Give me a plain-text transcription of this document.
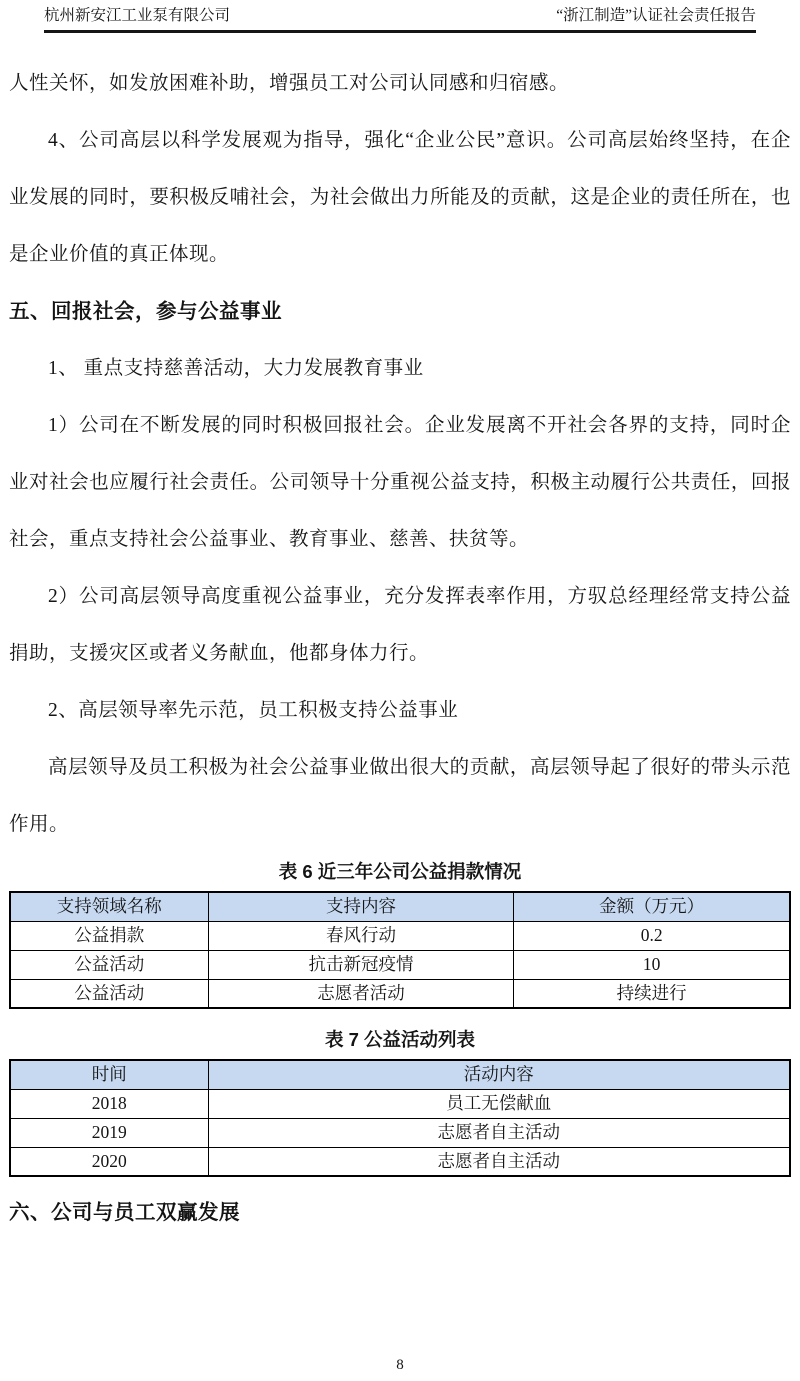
杭州新安江工业泵有限公司	“浙江制造”认证社会责任报告

人性关怀，如发放困难补助，增强员工对公司认同感和归宿感。

4、公司高层以科学发展观为指导，强化“企业公民”意识。公司高层始终坚持，在企业发展的同时，要积极反哺社会，为社会做出力所能及的贡献，这是企业的责任所在，也是企业价值的真正体现。

五、回报社会，参与公益事业

1、 重点支持慈善活动，大力发展教育事业

1）公司在不断发展的同时积极回报社会。企业发展离不开社会各界的支持，同时企业对社会也应履行社会责任。公司领导十分重视公益支持，积极主动履行公共责任，回报社会，重点支持社会公益事业、教育事业、慈善、扶贫等。

2）公司高层领导高度重视公益事业，充分发挥表率作用，方驭总经理经常支持公益捐助，支援灾区或者义务献血，他都身体力行。

2、高层领导率先示范，员工积极支持公益事业

高层领导及员工积极为社会公益事业做出很大的贡献，高层领导起了很好的带头示范作用。

表 6 近三年公司公益捐款情况
支持领域名称	支持内容	金额（万元）
公益捐款	春风行动	0.2
公益活动	抗击新冠疫情	10
公益活动	志愿者活动	持续进行
表 7 公益活动列表
时间	活动内容
2018	员工无偿献血
2019	志愿者自主活动
2020	志愿者自主活动
六、公司与员工双赢发展
8
